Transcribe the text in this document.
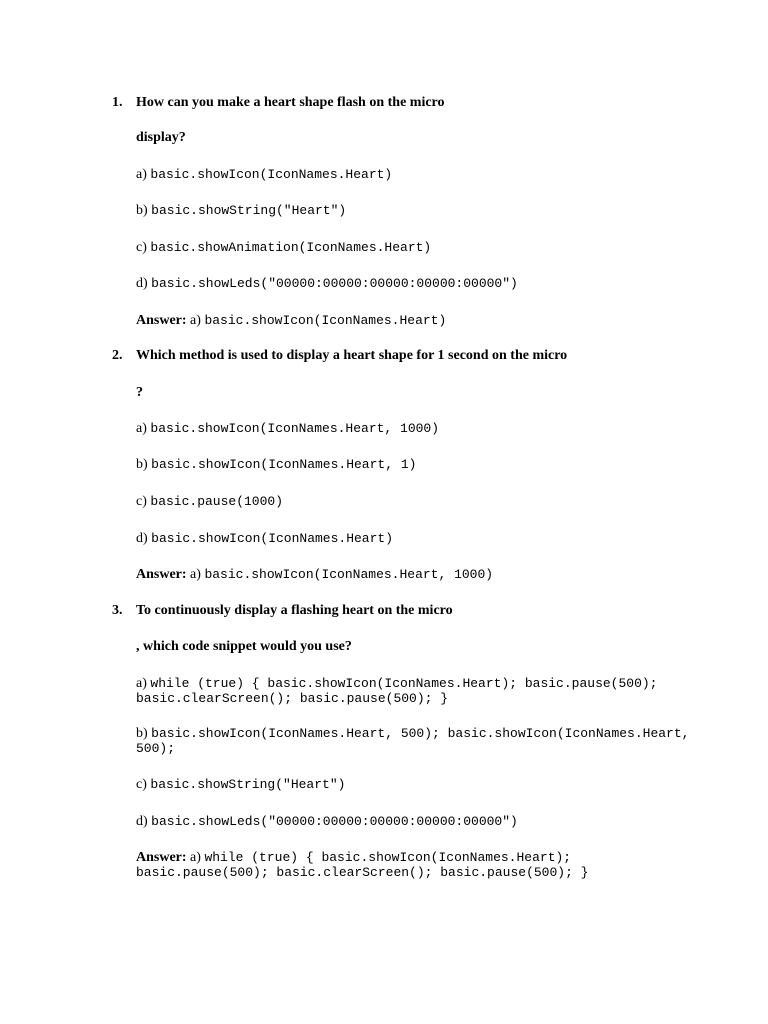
1. How can you make a heart shape flash on the micro
display?
a) basic.showIcon(IconNames.Heart)
b) basic.showString("Heart")
c) basic.showAnimation(IconNames.Heart)
d) basic.showLeds("00000:00000:00000:00000:00000")
Answer: a) basic.showIcon(IconNames.Heart)
2. Which method is used to display a heart shape for 1 second on the micro
?
a) basic.showIcon(IconNames.Heart, 1000)
b) basic.showIcon(IconNames.Heart, 1)
c) basic.pause(1000)
d) basic.showIcon(IconNames.Heart)
Answer: a) basic.showIcon(IconNames.Heart, 1000)
3. To continuously display a flashing heart on the micro
, which code snippet would you use?
a) while (true) { basic.showIcon(IconNames.Heart); basic.pause(500); basic.clearScreen(); basic.pause(500); }
b) basic.showIcon(IconNames.Heart, 500); basic.showIcon(IconNames.Heart, 500);
c) basic.showString("Heart")
d) basic.showLeds("00000:00000:00000:00000:00000")
Answer: a) while (true) { basic.showIcon(IconNames.Heart); basic.pause(500); basic.clearScreen(); basic.pause(500); }
